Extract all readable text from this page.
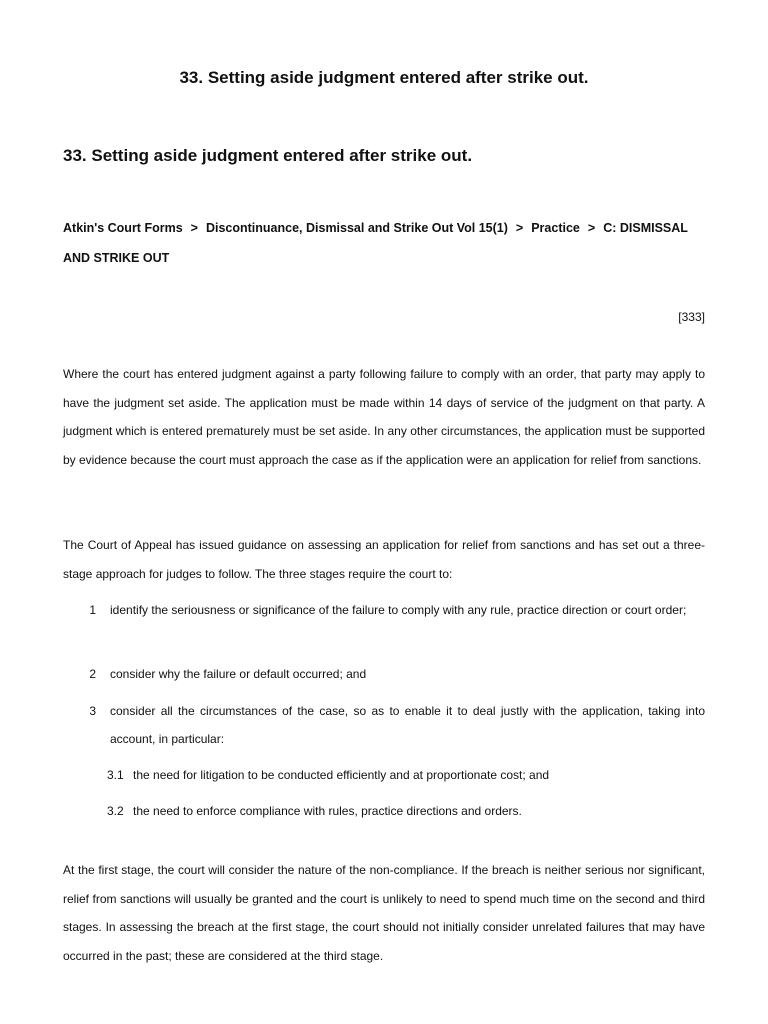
33. Setting aside judgment entered after strike out.
33. Setting aside judgment entered after strike out.
Atkin's Court Forms > Discontinuance, Dismissal and Strike Out Vol 15(1) > Practice > C: DISMISSAL AND STRIKE OUT
[333]
Where the court has entered judgment against a party following failure to comply with an order, that party may apply to have the judgment set aside. The application must be made within 14 days of service of the judgment on that party. A judgment which is entered prematurely must be set aside. In any other circumstances, the application must be supported by evidence because the court must approach the case as if the application were an application for relief from sanctions.
The Court of Appeal has issued guidance on assessing an application for relief from sanctions and has set out a three-stage approach for judges to follow. The three stages require the court to:
1 identify the seriousness or significance of the failure to comply with any rule, practice direction or court order;
2 consider why the failure or default occurred; and
3 consider all the circumstances of the case, so as to enable it to deal justly with the application, taking into account, in particular:
3.1 the need for litigation to be conducted efficiently and at proportionate cost; and
3.2 the need to enforce compliance with rules, practice directions and orders.
At the first stage, the court will consider the nature of the non-compliance. If the breach is neither serious nor significant, relief from sanctions will usually be granted and the court is unlikely to need to spend much time on the second and third stages. In assessing the breach at the first stage, the court should not initially consider unrelated failures that may have occurred in the past; these are considered at the third stage.
